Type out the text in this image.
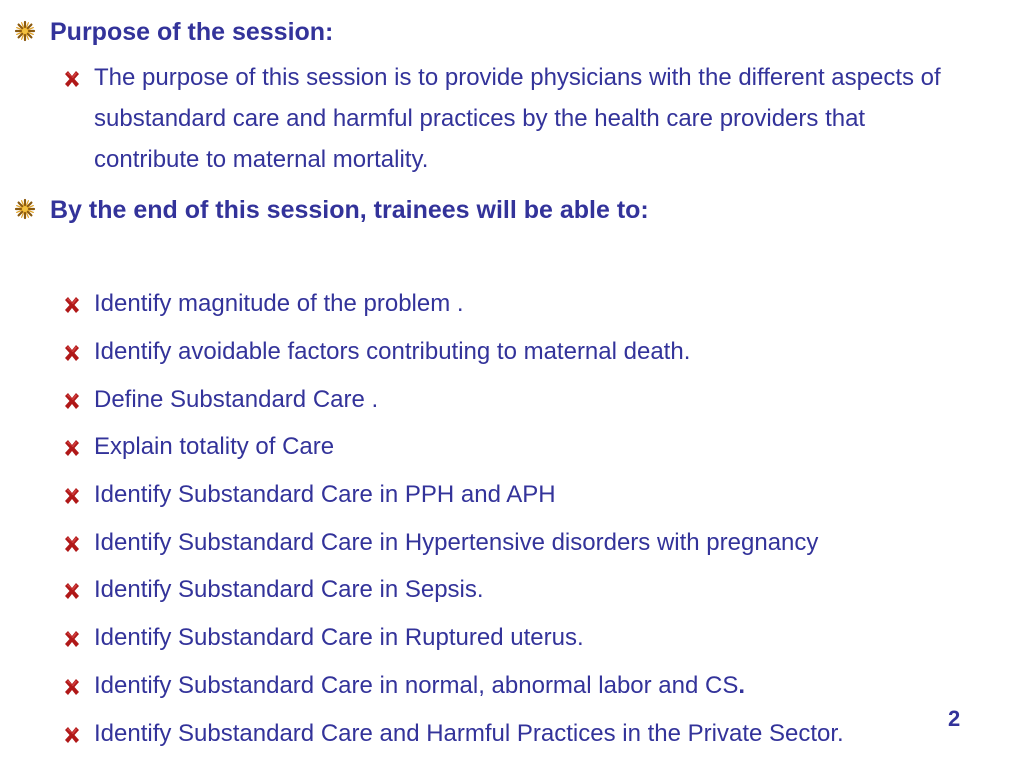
Purpose of the session:
The purpose of this session is to provide physicians with the different aspects of substandard care and harmful practices by the health care providers that contribute to maternal mortality.
By the end of this session, trainees will be able to:
Identify magnitude of the problem .
Identify avoidable factors contributing to maternal death.
Define Substandard Care .
Explain totality of Care
Identify Substandard Care in PPH and APH
Identify Substandard Care in Hypertensive disorders with pregnancy
Identify Substandard Care in Sepsis.
Identify Substandard Care in Ruptured uterus.
Identify Substandard Care in normal, abnormal labor and CS.
Identify Substandard Care and Harmful Practices in the Private Sector.
2
